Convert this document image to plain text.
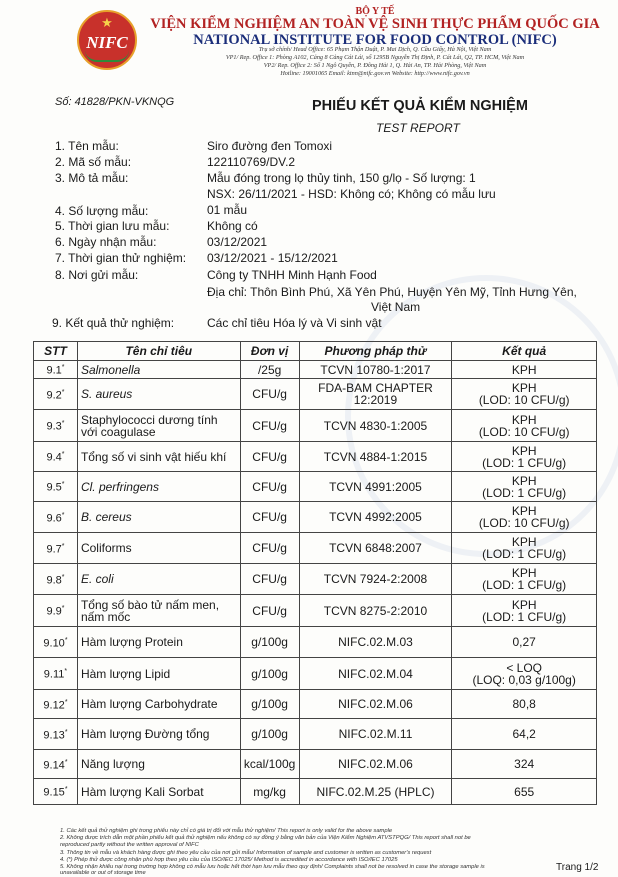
★
NIFC
BỘ Y TẾ
VIỆN KIỂM NGHIỆM AN TOÀN VỆ SINH THỰC PHẨM QUỐC GIA
NATIONAL INSTITUTE FOR FOOD CONTROL (NIFC)
Trụ sở chính/ Head Office: 65 Phạm Thận Duật, P. Mai Dịch, Q. Cầu Giấy, Hà Nội, Việt Nam
VP1/ Rep. Office 1: Phòng A102, Cảng 8 Cảng Cát Lái, số 1295B Nguyễn Thị Định, P. Cát Lái, Q2, TP. HCM, Việt Nam
VP2/ Rep. Office 2: Số 1 Ngô Quyền, P. Đông Hải 1, Q. Hải An, TP. Hải Phòng, Việt Nam
Hotline: 19001065 Email: ktnn@nifc.gov.vn Website: http://www.nifc.gov.vn
Số: 41828/PKN-VKNQG	PHIẾU KẾT QUẢ KIỂM NGHIỆM
TEST REPORT
1. Tên mẫu:	Siro đường đen Tomoxi
2. Mã số mẫu:	122110769/DV.2
3. Mô tả mẫu:	Mẫu đóng trong lọ thủy tinh, 150 g/lọ - Số lượng: 1
NSX: 26/11/2021 - HSD: Không có; Không có mẫu lưu
4. Số lượng mẫu:	01 mẫu
5. Thời gian lưu mẫu:	Không có
6. Ngày nhận mẫu:	03/12/2021
7. Thời gian thử nghiệm: 03/12/2021 - 15/12/2021
8. Nơi gửi mẫu:	Công ty TNHH Minh Hạnh Food
Địa chỉ: Thôn Bình Phú, Xã Yên Phú, Huyện Yên Mỹ, Tỉnh Hưng Yên,
Việt Nam
9. Kết quả thử nghiệm:	Các chỉ tiêu Hóa lý và Vi sinh vật
STT	Tên chỉ tiêu	Đơn vị	Phương pháp thử	Kết quả
9.1*	Salmonella	/25g	TCVN 10780-1:2017	KPH
9.2*	S. aureus	CFU/g	FDA-BAM CHAPTER 12:2019	KPH
(LOD: 10 CFU/g)
9.3*	Staphylococci dương tính với coagulase	CFU/g	TCVN 4830-1:2005	KPH
(LOD: 10 CFU/g)
9.4*	Tổng số vi sinh vật hiếu khí	CFU/g	TCVN 4884-1:2015	KPH
(LOD: 1 CFU/g)
9.5*	Cl. perfringens	CFU/g	TCVN 4991:2005	KPH
(LOD: 1 CFU/g)
9.6*	B. cereus	CFU/g	TCVN 4992:2005	KPH
(LOD: 10 CFU/g)
9.7*	Coliforms	CFU/g	TCVN 6848:2007	KPH
(LOD: 1 CFU/g)
9.8*	E. coli	CFU/g	TCVN 7924-2:2008	KPH
(LOD: 1 CFU/g)
9.9*	Tổng số bào tử nấm men, nấm mốc	CFU/g	TCVN 8275-2:2010	KPH
(LOD: 1 CFU/g)
9.10*	Hàm lượng Protein	g/100g	NIFC.02.M.03	0,27
9.11*	Hàm lượng Lipid	g/100g	NIFC.02.M.04	< LOQ
(LOQ: 0,03 g/100g)
9.12*	Hàm lượng Carbohydrate	g/100g	NIFC.02.M.06	80,8
9.13*	Hàm lượng Đường tổng	g/100g	NIFC.02.M.11	64,2
9.14*	Năng lượng	kcal/100g	NIFC.02.M.06	324
9.15*	Hàm lượng Kali Sorbat	mg/kg	NIFC.02.M.25 (HPLC)	655
1. Các kết quả thử nghiệm ghi trong phiếu này chỉ có giá trị đối với mẫu thử nghiệm/ This report is only valid for the above sample
2. Không được trích dẫn một phần phiếu kết quả thử nghiệm nếu không có sự đồng ý bằng văn bản của Viện Kiểm Nghiệm ATVSTPQG/ This report shall not be
reproduced partly without the written approval of NIFC
3. Thông tin về mẫu và khách hàng được ghi theo yêu cầu của nơi gửi mẫu/ Information of sample and customer is written as customer's request
4. (*) Phép thử được công nhận phù hợp theo yêu cầu của ISO/IEC 17025/ Method is accredited in accordance with ISO/IEC 17025
5. Không nhận khiếu nại trong trường hợp không có mẫu lưu hoặc hết thời hạn lưu mẫu theo quy định/ Complaints shall not be resolved in case the storage sample is
unavailable or out of storage time	Trang 1/2
